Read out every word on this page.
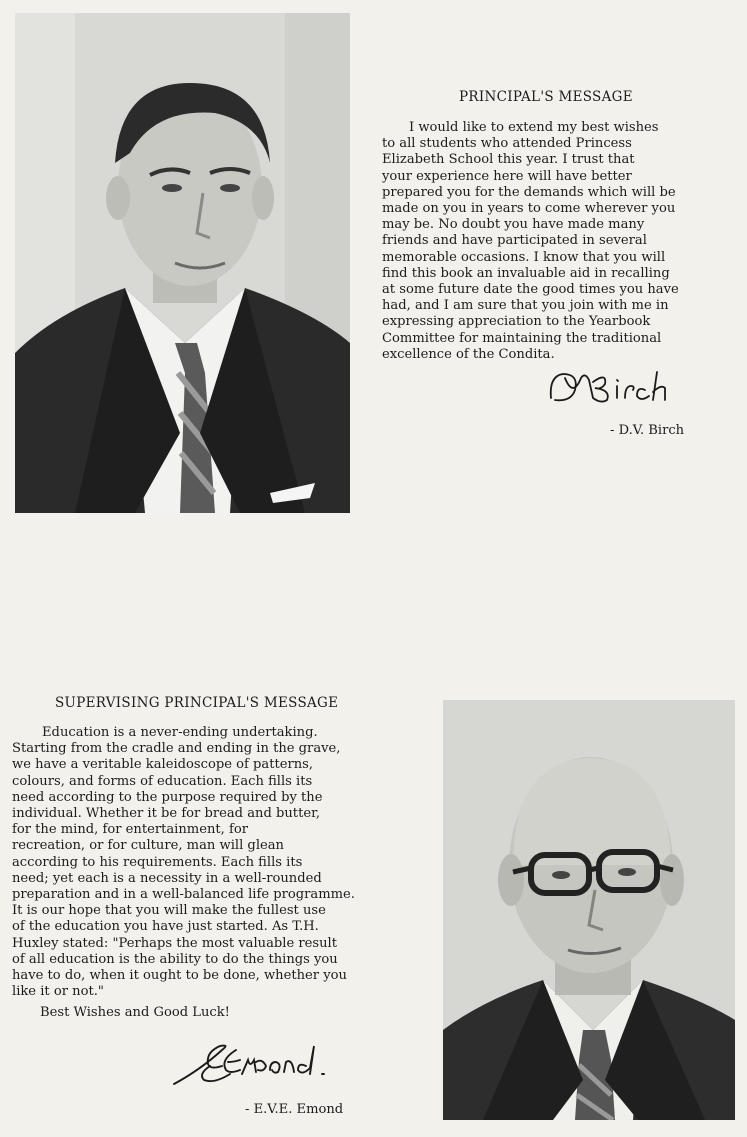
PRINCIPAL'S MESSAGE
I would like to extend my best wishes
to all students who attended Princess
Elizabeth School this year. I trust that
your experience here will have better
prepared you for the demands which will be
made on you in years to come wherever you
may be. No doubt you have made many
friends and have participated in several
memorable occasions. I know that you will
find this book an invaluable aid in recalling
at some future date the good times you have
had, and I am sure that you join with me in
expressing appreciation to the Yearbook
Committee for maintaining the traditional
excellence of the Condita.
- D.V. Birch
SUPERVISING PRINCIPAL'S MESSAGE
Education is a never-ending undertaking.
Starting from the cradle and ending in the grave,
we have a veritable kaleidoscope of patterns,
colours, and forms of education. Each fills its
need according to the purpose required by the
individual. Whether it be for bread and butter,
for the mind, for entertainment, for
recreation, or for culture, man will glean
according to his requirements. Each fills its
need; yet each is a necessity in a well-rounded
preparation and in a well-balanced life programme.
It is our hope that you will make the fullest use
of the education you have just started. As T.H.
Huxley stated: "Perhaps the most valuable result
of all education is the ability to do the things you
have to do, when it ought to be done, whether you
like it or not."
Best Wishes and Good Luck!
- E.V.E. Emond
